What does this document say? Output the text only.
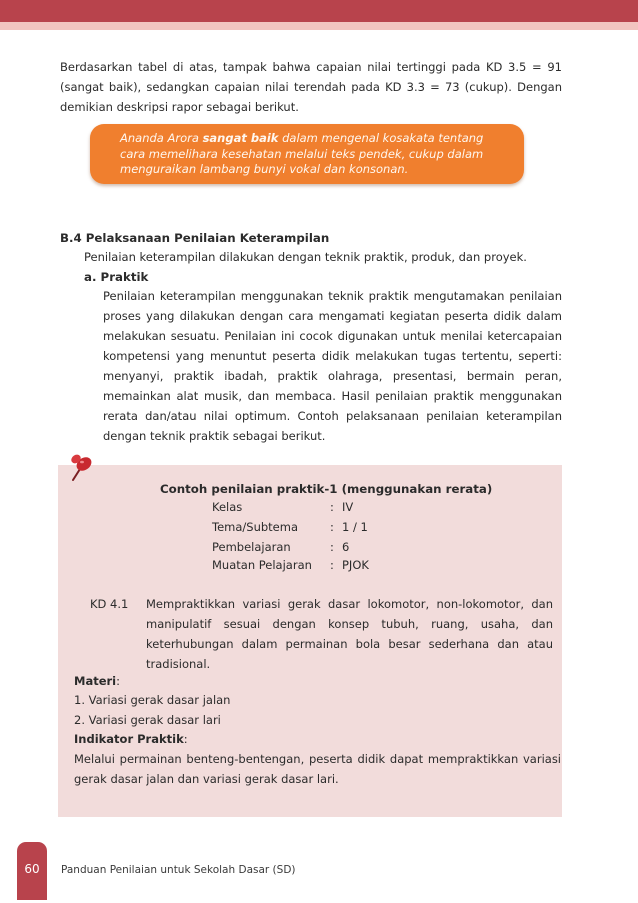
Berdasarkan tabel di atas, tampak bahwa capaian nilai tertinggi pada KD 3.5 = 91
(sangat baik), sedangkan capaian nilai terendah pada KD 3.3 = 73 (cukup). Dengan
demikian deskripsi rapor sebagai berikut.
Ananda Arora sangat baik dalam mengenal kosakata tentang
cara memelihara kesehatan melalui teks pendek, cukup dalam
menguraikan lambang bunyi vokal dan konsonan.
B.4 Pelaksanaan Penilaian Keterampilan
Penilaian keterampilan dilakukan dengan teknik praktik, produk, dan proyek.
a. Praktik
Penilaian keterampilan menggunakan teknik praktik mengutamakan penilaian
proses yang dilakukan dengan cara mengamati kegiatan peserta didik dalam
melakukan sesuatu. Penilaian ini cocok digunakan untuk menilai ketercapaian
kompetensi yang menuntut peserta didik melakukan tugas tertentu, seperti:
menyanyi, praktik ibadah, praktik olahraga, presentasi, bermain peran,
memainkan alat musik, dan membaca. Hasil penilaian praktik menggunakan
rerata dan/atau nilai optimum. Contoh pelaksanaan penilaian keterampilan
dengan teknik praktik sebagai berikut.
Contoh penilaian praktik-1 (menggunakan rerata)
Kelas	: IV
Tema/Subtema	: 1 / 1
Pembelajaran	: 6
Muatan Pelajaran : PJOK
KD 4.1	Mempraktikkan variasi gerak dasar lokomotor, non-lokomotor, dan
manipulatif sesuai dengan konsep tubuh, ruang, usaha, dan
keterhubungan dalam permainan bola besar sederhana dan atau
tradisional.
Materi:
1. Variasi gerak dasar jalan
2. Variasi gerak dasar lari
Indikator Praktik:
Melalui permainan benteng-bentengan, peserta didik dapat mempraktikkan variasi
gerak dasar jalan dan variasi gerak dasar lari.
60	Panduan Penilaian untuk Sekolah Dasar (SD)
